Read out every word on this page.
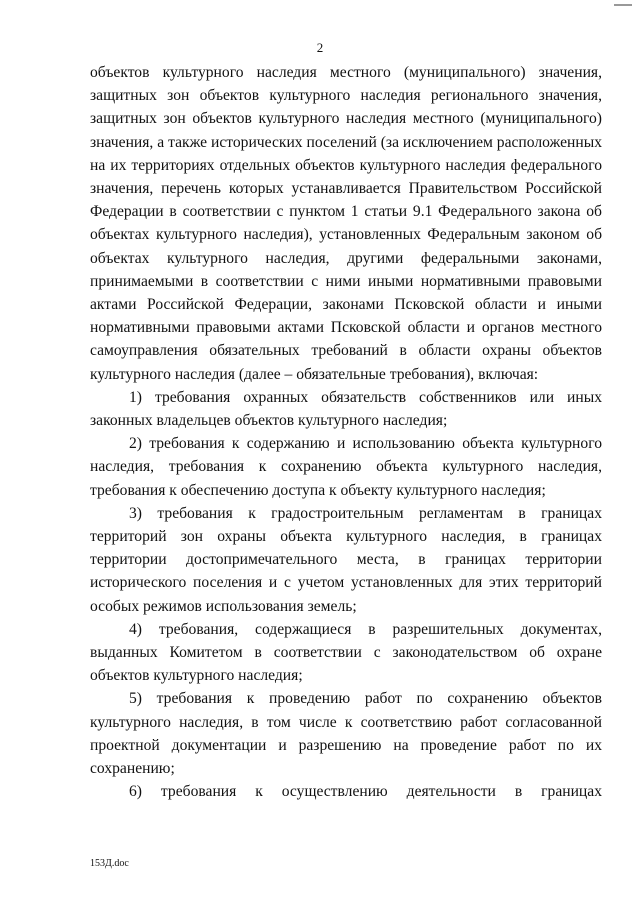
2

объектов культурного наследия местного (муниципального) значения, защитных зон объектов культурного наследия регионального значения, защитных зон объектов культурного наследия местного (муниципального) значения, а также исторических поселений (за исключением расположенных на их территориях отдельных объектов культурного наследия федерального значения, перечень которых устанавливается Правительством Российской Федерации в соответствии с пунктом 1 статьи 9.1 Федерального закона об объектах культурного наследия), установленных Федеральным законом об объектах культурного наследия, другими федеральными законами, принимаемыми в соответствии с ними иными нормативными правовыми актами Российской Федерации, законами Псковской области и иными нормативными правовыми актами Псковской области и органов местного самоуправления обязательных требований в области охраны объектов культурного наследия (далее – обязательные требования), включая:

1) требования охранных обязательств собственников или иных законных владельцев объектов культурного наследия;

2) требования к содержанию и использованию объекта культурного наследия, требования к сохранению объекта культурного наследия, требования к обеспечению доступа к объекту культурного наследия;

3) требования к градостроительным регламентам в границах территорий зон охраны объекта культурного наследия, в границах территории достопримечательного места, в границах территории исторического поселения и с учетом установленных для этих территорий особых режимов использования земель;

4) требования, содержащиеся в разрешительных документах, выданных Комитетом в соответствии с законодательством об охране объектов культурного наследия;

5) требования к проведению работ по сохранению объектов культурного наследия, в том числе к соответствию работ согласованной проектной документации и разрешению на проведение работ по их сохранению;

6) требования к осуществлению деятельности в границах

153Д.doc
